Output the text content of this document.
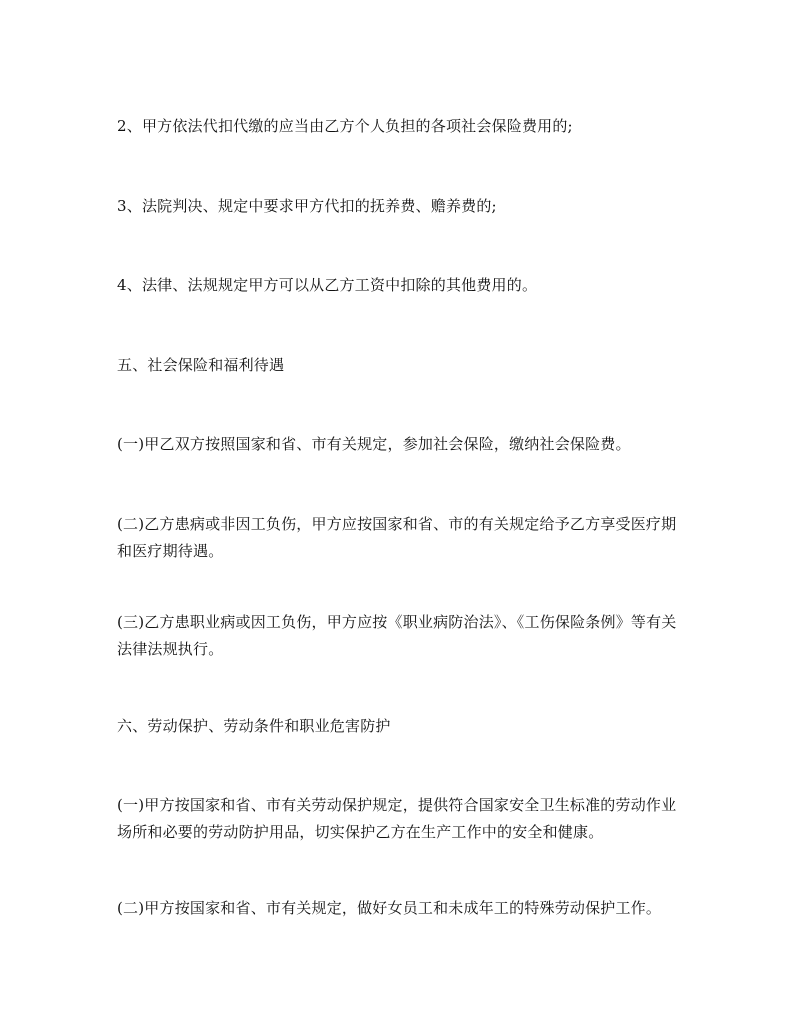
2、甲方依法代扣代缴的应当由乙方个人负担的各项社会保险费用的;

3、法院判决、规定中要求甲方代扣的抚养费、赡养费的;

4、法律、法规规定甲方可以从乙方工资中扣除的其他费用的。

五、社会保险和福利待遇

(一)甲乙双方按照国家和省、市有关规定，参加社会保险，缴纳社会保险费。

(二)乙方患病或非因工负伤，甲方应按国家和省、市的有关规定给予乙方享受医疗期和医疗期待遇。

(三)乙方患职业病或因工负伤，甲方应按《职业病防治法》、《工伤保险条例》等有关法律法规执行。

六、劳动保护、劳动条件和职业危害防护

(一)甲方按国家和省、市有关劳动保护规定，提供符合国家安全卫生标准的劳动作业场所和必要的劳动防护用品，切实保护乙方在生产工作中的安全和健康。

(二)甲方按国家和省、市有关规定，做好女员工和未成年工的特殊劳动保护工作。
